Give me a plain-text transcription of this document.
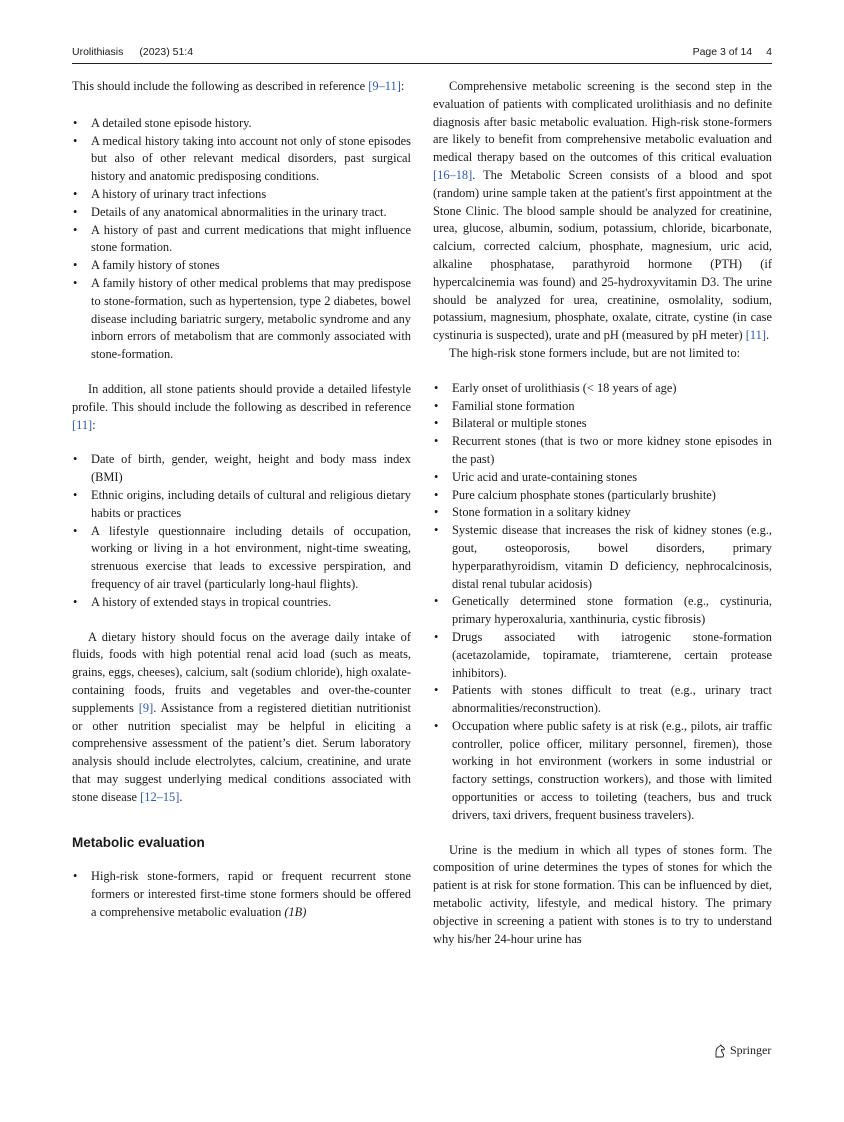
Urolithiasis (2023) 51:4	Page 3 of 14 4

This should include the following as described in reference [9–11]:

• A detailed stone episode history.
• A medical history taking into account not only of stone episodes but also of other relevant medical disorders, past surgical history and anatomic predisposing conditions.
• A history of urinary tract infections
• Details of any anatomical abnormalities in the urinary tract.
• A history of past and current medications that might influence stone formation.
• A family history of stones
• A family history of other medical problems that may predispose to stone-formation, such as hypertension, type 2 diabetes, bowel disease including bariatric surgery, metabolic syndrome and any inborn errors of metabolism that are commonly associated with stone-formation.

In addition, all stone patients should provide a detailed lifestyle profile. This should include the following as described in reference [11]:

• Date of birth, gender, weight, height and body mass index (BMI)
• Ethnic origins, including details of cultural and religious dietary habits or practices
• A lifestyle questionnaire including details of occupation, working or living in a hot environment, night-time sweating, strenuous exercise that leads to excessive perspiration, and frequency of air travel (particularly long-haul flights).
• A history of extended stays in tropical countries.

A dietary history should focus on the average daily intake of fluids, foods with high potential renal acid load (such as meats, grains, eggs, cheeses), calcium, salt (sodium chloride), high oxalate-containing foods, fruits and vegetables and over-the-counter supplements [9]. Assistance from a registered dietitian nutritionist or other nutrition specialist may be helpful in eliciting a comprehensive assessment of the patient’s diet. Serum laboratory analysis should include electrolytes, calcium, creatinine, and urate that may suggest underlying medical conditions associated with stone disease [12–15].

Metabolic evaluation
• High-risk stone-formers, rapid or frequent recurrent stone formers or interested first-time stone formers should be offered a comprehensive metabolic evaluation (1B)

Comprehensive metabolic screening is the second step in the evaluation of patients with complicated urolithiasis and no definite diagnosis after basic metabolic evaluation. High-risk stone-formers are likely to benefit from comprehensive metabolic evaluation and medical therapy based on the outcomes of this critical evaluation [16–18]. The Metabolic Screen consists of a blood and spot (random) urine sample taken at the patient's first appointment at the Stone Clinic. The blood sample should be analyzed for creatinine, urea, glucose, albumin, sodium, potassium, chloride, bicarbonate, calcium, corrected calcium, phosphate, magnesium, uric acid, alkaline phosphatase, parathyroid hormone (PTH) (if hypercalcinemia was found) and 25-hydroxyvitamin D3. The urine should be analyzed for urea, creatinine, osmolality, sodium, potassium, magnesium, phosphate, oxalate, citrate, cystine (in case cystinuria is suspected), urate and pH (measured by pH meter) [11].

The high-risk stone formers include, but are not limited to:

• Early onset of urolithiasis (< 18 years of age)
• Familial stone formation
• Bilateral or multiple stones
• Recurrent stones (that is two or more kidney stone episodes in the past)
• Uric acid and urate-containing stones
• Pure calcium phosphate stones (particularly brushite)
• Stone formation in a solitary kidney
• Systemic disease that increases the risk of kidney stones (e.g., gout, osteoporosis, bowel disorders, primary hyperparathyroidism, vitamin D deficiency, nephrocalcinosis, distal renal tubular acidosis)
• Genetically determined stone formation (e.g., cystinuria, primary hyperoxaluria, xanthinuria, cystic fibrosis)
• Drugs associated with iatrogenic stone-formation (acetazolamide, topiramate, triamterene, certain protease inhibitors).
• Patients with stones difficult to treat (e.g., urinary tract abnormalities/reconstruction).
• Occupation where public safety is at risk (e.g., pilots, air traffic controller, police officer, military personnel, firemen), those working in hot environment (workers in some industrial or factory settings, construction workers), and those with limited opportunities or access to toileting (teachers, bus and truck drivers, taxi drivers, frequent business travelers).

Urine is the medium in which all types of stones form. The composition of urine determines the types of stones for which the patient is at risk for stone formation. This can be influenced by diet, metabolic activity, lifestyle, and medical history. The primary objective in screening a patient with stones is to try to understand why his/her 24-hour urine has

Springer
